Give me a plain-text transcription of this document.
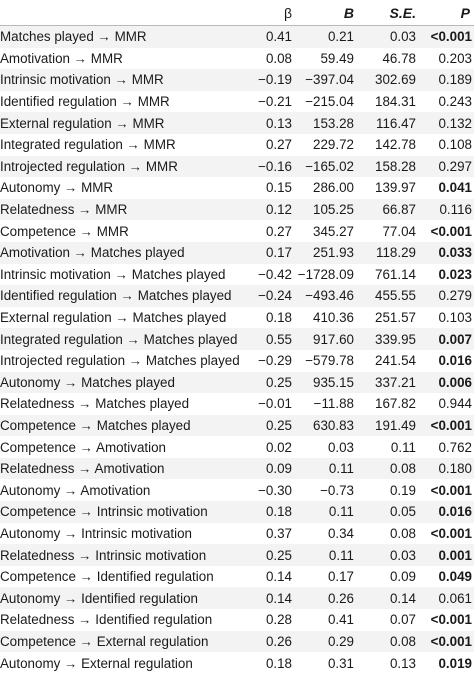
	β	B	S.E.	P
Matches played → MMR	0.41	0.21	0.03	<0.001
Amotivation → MMR	0.08	59.49	46.78	0.203
Intrinsic motivation → MMR	−0.19	−397.04	302.69	0.189
Identified regulation → MMR	−0.21	−215.04	184.31	0.243
External regulation → MMR	0.13	153.28	116.47	0.132
Integrated regulation → MMR	0.27	229.72	142.78	0.108
Introjected regulation → MMR	−0.16	−165.02	158.28	0.297
Autonomy → MMR	0.15	286.00	139.97	0.041
Relatedness → MMR	0.12	105.25	66.87	0.116
Competence → MMR	0.27	345.27	77.04	<0.001
Amotivation → Matches played	0.17	251.93	118.29	0.033
Intrinsic motivation → Matches played	−0.42	−1728.09	761.14	0.023
Identified regulation → Matches played	−0.24	−493.46	455.55	0.279
External regulation → Matches played	0.18	410.36	251.57	0.103
Integrated regulation → Matches played	0.55	917.60	339.95	0.007
Introjected regulation → Matches played	−0.29	−579.78	241.54	0.016
Autonomy → Matches played	0.25	935.15	337.21	0.006
Relatedness → Matches played	−0.01	−11.88	167.82	0.944
Competence → Matches played	0.25	630.83	191.49	<0.001
Competence → Amotivation	0.02	0.03	0.11	0.762
Relatedness → Amotivation	0.09	0.11	0.08	0.180
Autonomy → Amotivation	−0.30	−0.73	0.19	<0.001
Competence → Intrinsic motivation	0.18	0.11	0.05	0.016
Autonomy → Intrinsic motivation	0.37	0.34	0.08	<0.001
Relatedness → Intrinsic motivation	0.25	0.11	0.03	0.001
Competence → Identified regulation	0.14	0.17	0.09	0.049
Autonomy → Identified regulation	0.14	0.26	0.14	0.061
Relatedness → Identified regulation	0.28	0.41	0.07	<0.001
Competence → External regulation	0.26	0.29	0.08	<0.001
Autonomy → External regulation	0.18	0.31	0.13	0.019
